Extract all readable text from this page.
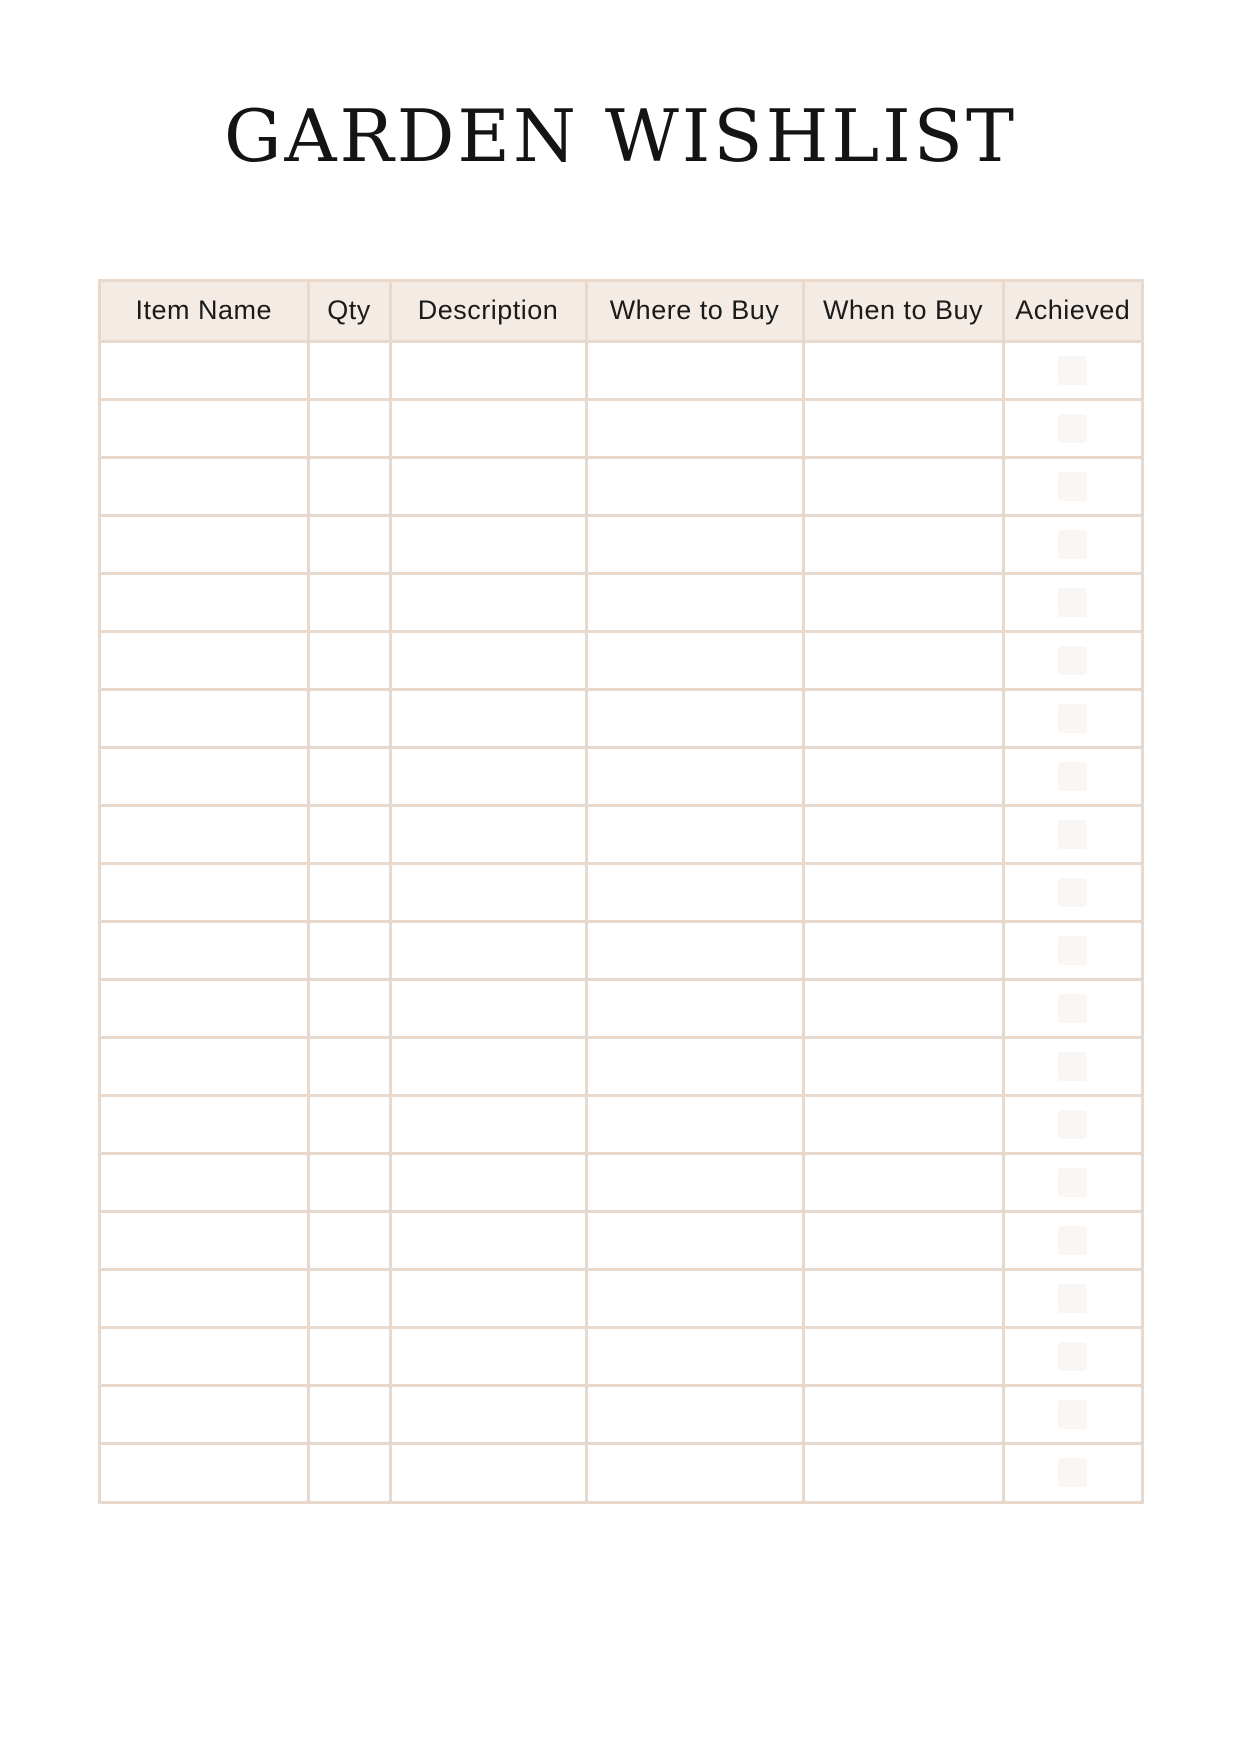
GARDEN WISHLIST
Item Name	Qty	Description	Where to Buy	When to Buy	Achieved
